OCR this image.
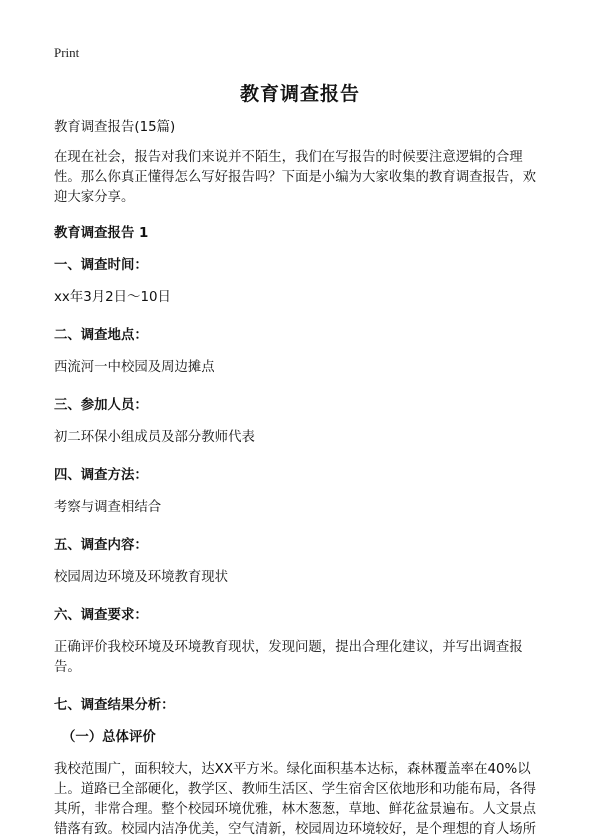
Print
教育调查报告

教育调查报告(15篇)

在现在社会，报告对我们来说并不陌生，我们在写报告的时候要注意逻辑的合理性。那么你真正懂得怎么写好报告吗？下面是小编为大家收集的教育调查报告，欢迎大家分享。

教育调查报告 1

一、调查时间：

xx年3月2日～10日

二、调查地点：

西流河一中校园及周边摊点

三、参加人员：

初二环保小组成员及部分教师代表

四、调查方法：

考察与调查相结合

五、调查内容：

校园周边环境及环境教育现状

六、调查要求：

正确评价我校环境及环境教育现状，发现问题，提出合理化建议，并写出调查报告。

七、调查结果分析：

（一）总体评价

我校范围广，面积较大，达XX平方米。绿化面积基本达标，森林覆盖率在40%以上。道路已全部硬化，教学区、教师生活区、学生宿舍区依地形和功能布局，各得其所，非常合理。整个校园环境优雅，林木葱葱，草地、鲜花盆景遍布。人文景点错落有致。校园内洁净优美，空气清新，校园周边环境较好，是个理想的育人场所
